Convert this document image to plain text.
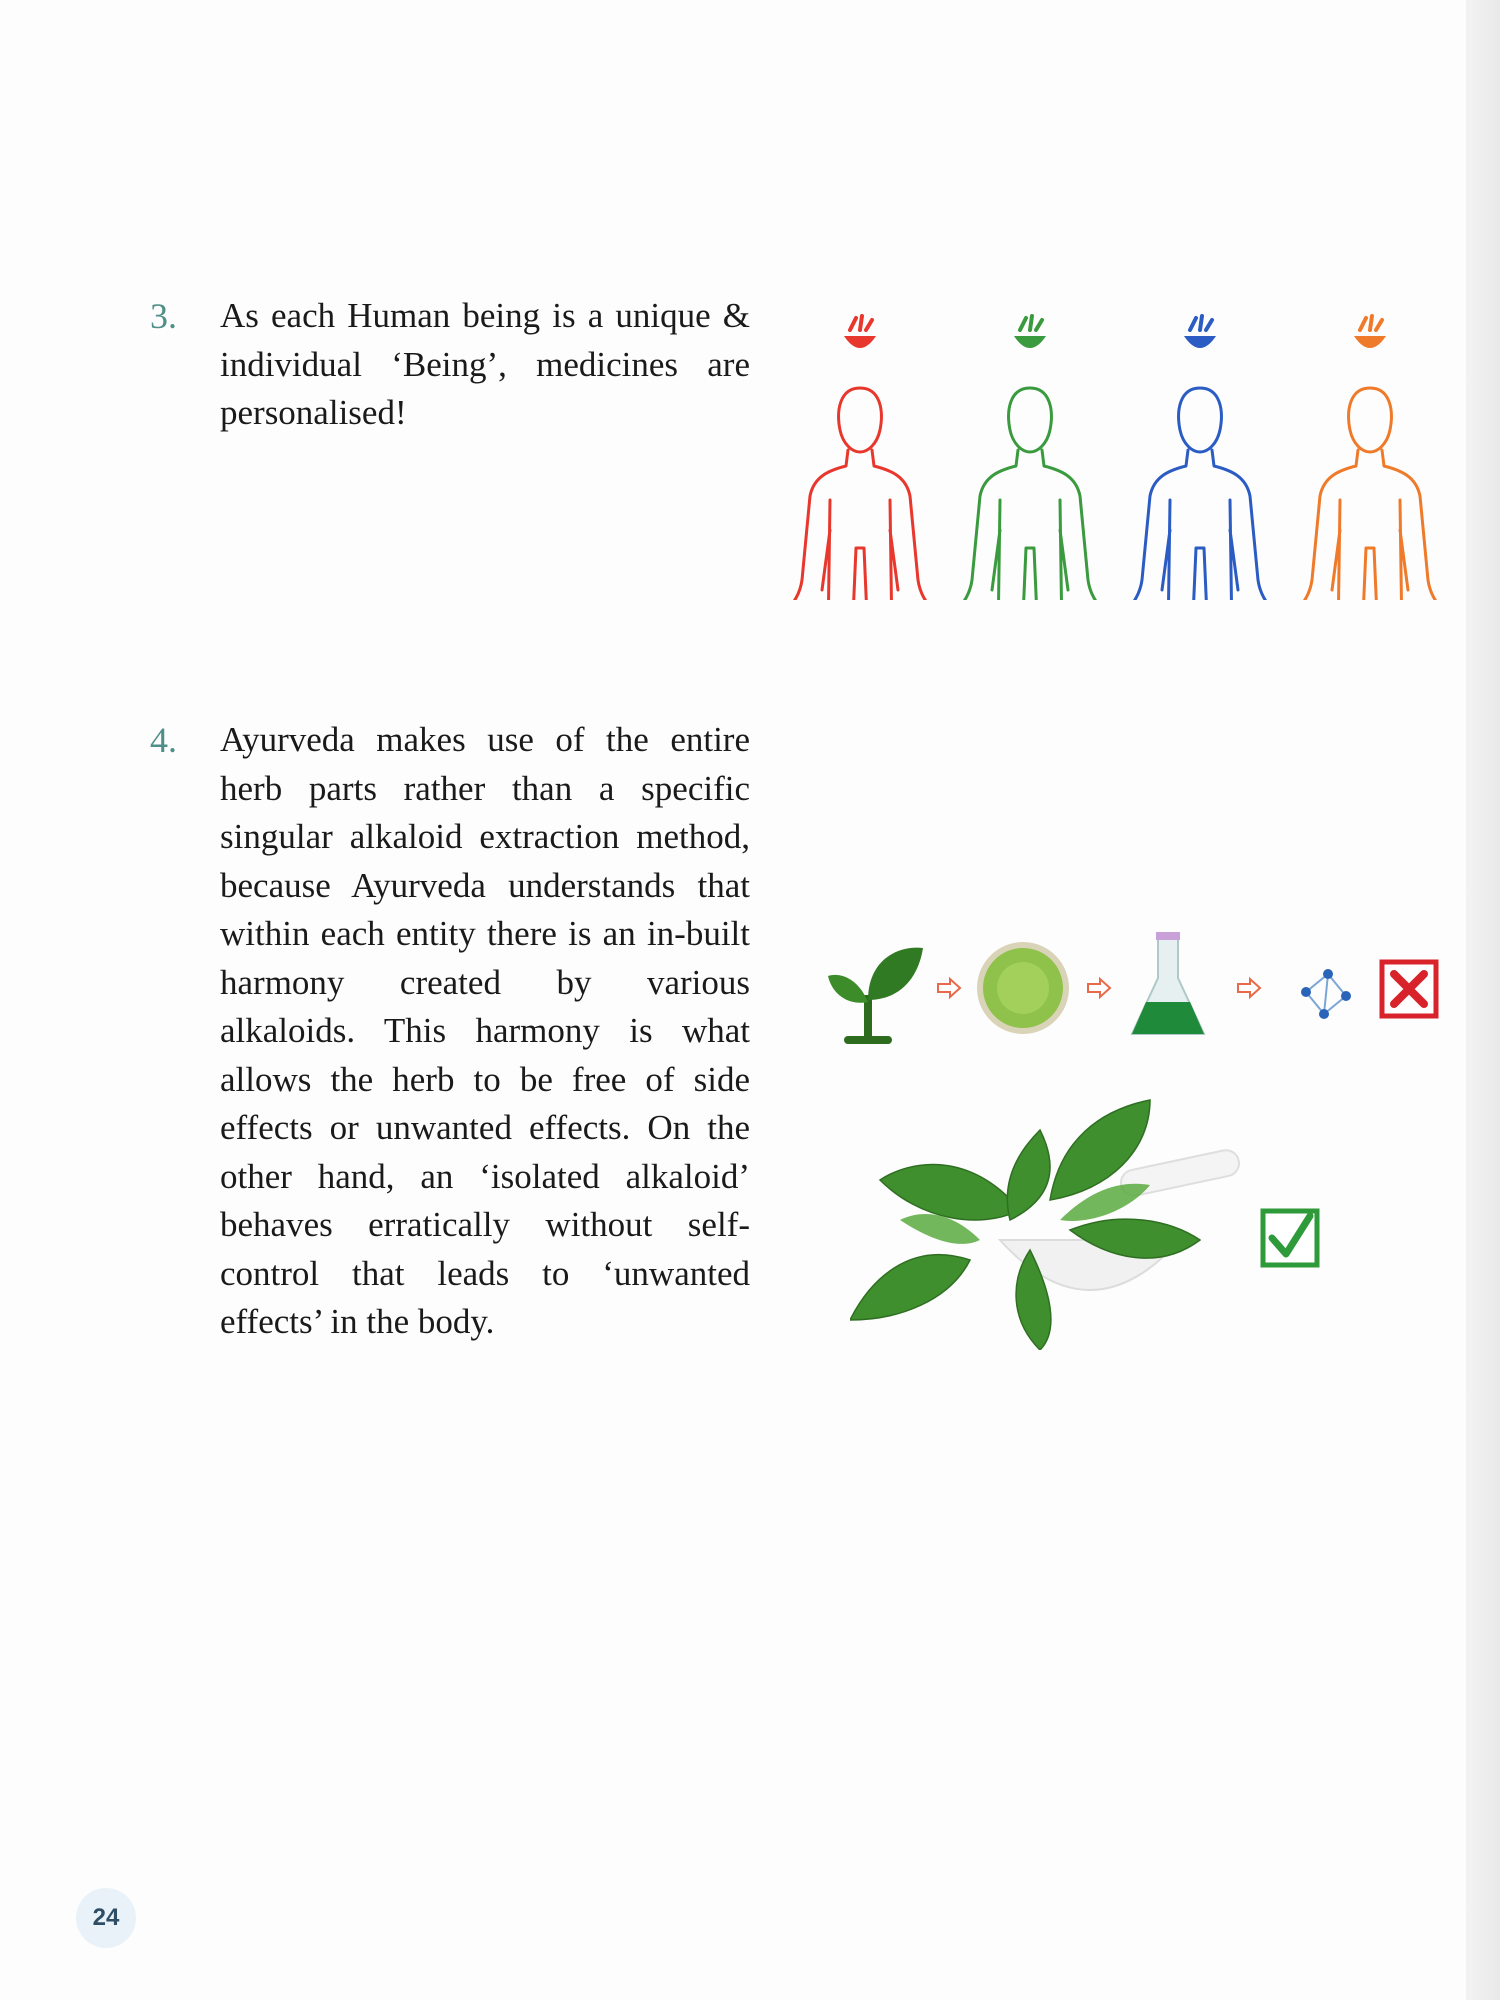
3. As each Human being is a unique & individual ‘Being’, medicines are personalised!

4. Ayurveda makes use of the entire herb parts rather than a specific singular alkaloid extraction method, because Ayurveda understands that within each entity there is an in-built harmony created by various alkaloids. This harmony is what allows the herb to be free of side effects or unwanted effects. On the other hand, an ‘isolated alkaloid’ behaves erratically without self-control that leads to ‘unwanted effects’ in the body.

24
